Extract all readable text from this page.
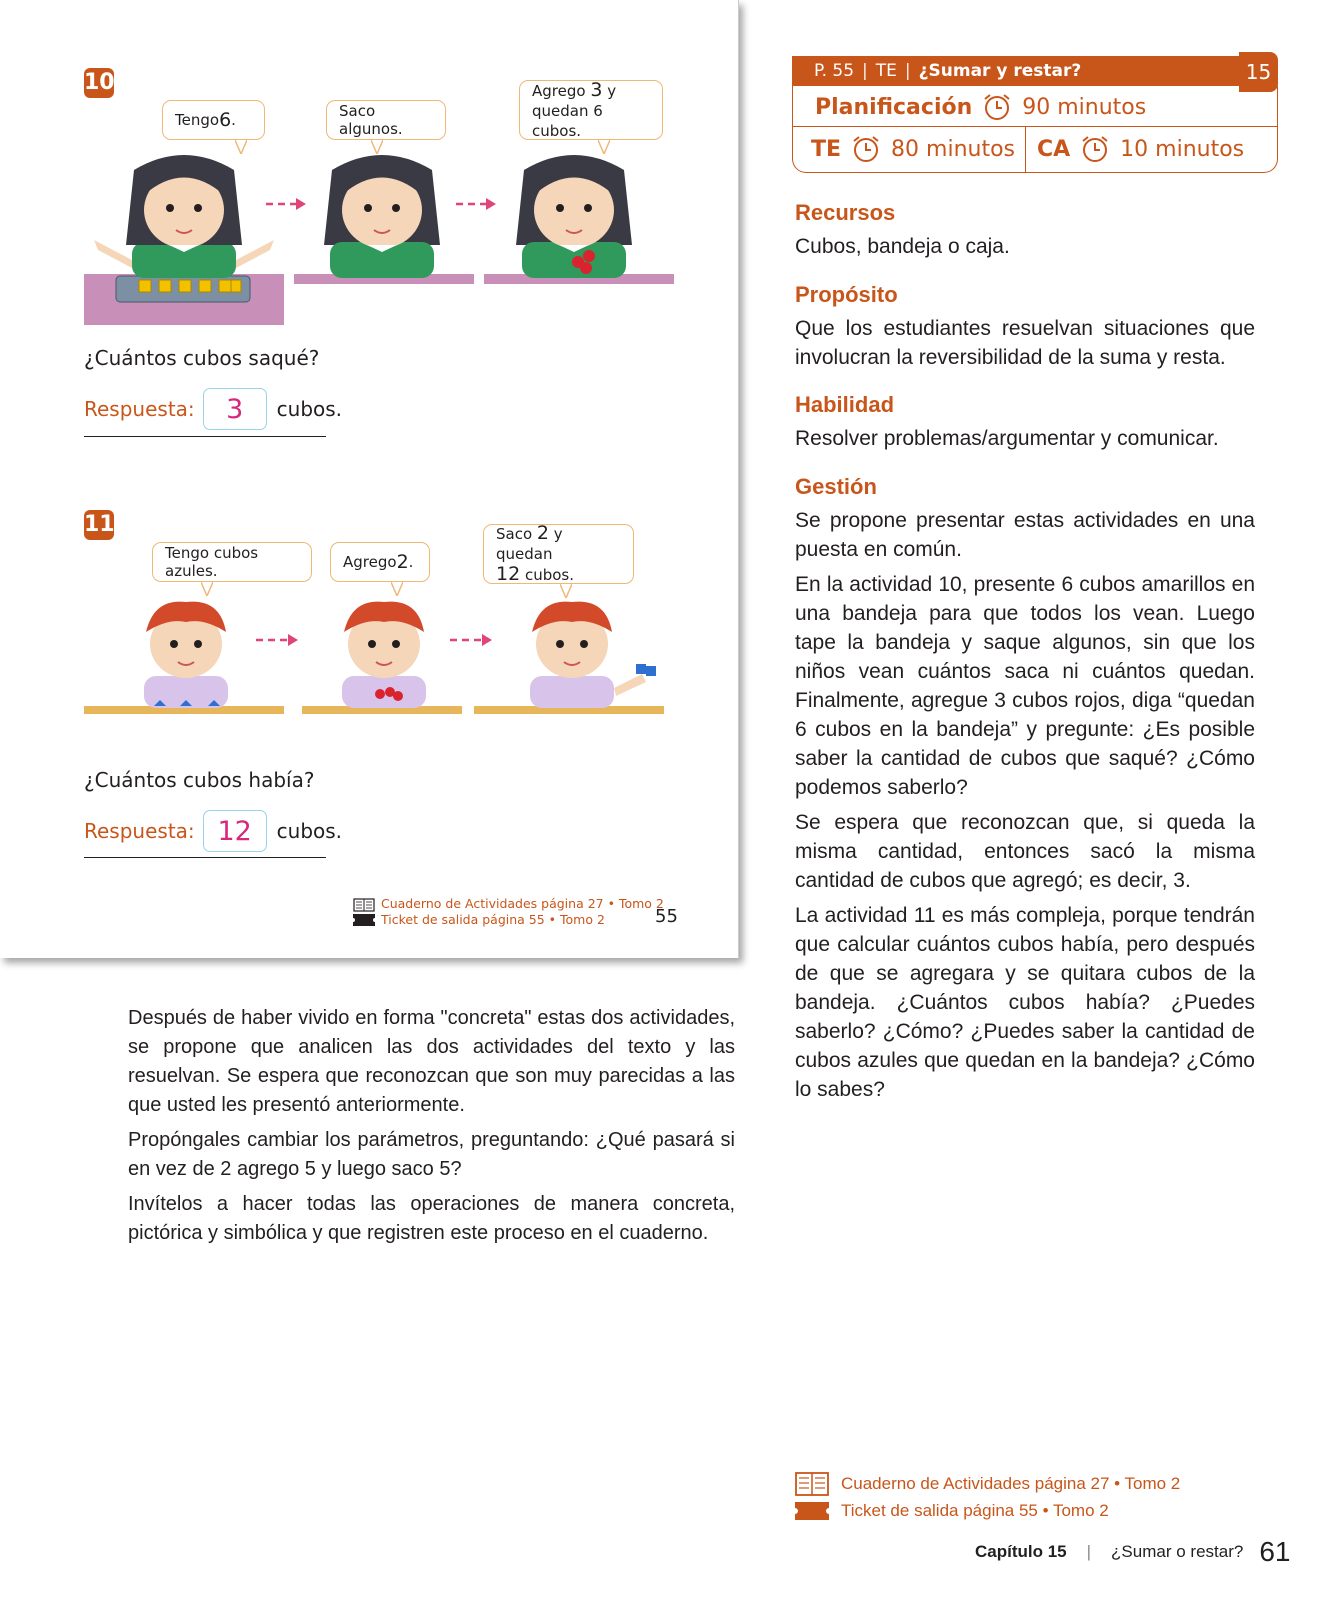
10
Tengo 6 .	Saco algunos.
Agrego 3 y
quedan 6 cubos.
¿Cuántos cubos saqué?
Respuesta:	3	cubos.
11
Tengo cubos azules.	Agrego 2 .
Saco 2 y quedan
12 cubos.
¿Cuántos cubos había?
Respuesta: 12	cubos.
Cuaderno de Actividades página 27 • Tomo 2
Ticket de salida página 55 • Tomo 2	55

Después de haber vivido en forma "concreta" estas dos actividades, se propone que analicen las dos actividades del texto y las resuelvan. Se espera que reconozcan que son muy parecidas a las que usted les presentó anteriormente.

Propóngales cambiar los parámetros, preguntando: ¿Qué pasará si en vez de 2 agrego 5 y luego saco 5?

Invítelos a hacer todas las operaciones de manera concreta, pictórica y simbólica y que registren este proceso en el cuaderno.

P. 55 | TE | ¿Sumar y restar?	15
Planificación 90 minutos
TE 80 minutos CA 10 minutos
Recursos

Cubos, bandeja o caja.

Propósito

Que los estudiantes resuelvan situaciones que involucran la reversibilidad de la suma y resta.

Habilidad

Resolver problemas/argumentar y comunicar.

Gestión

Se propone presentar estas actividades en una puesta en común.

En la actividad 10, presente 6 cubos amarillos en una bandeja para que todos los vean. Luego tape la bandeja y saque algunos, sin que los niños vean cuántos saca ni cuántos quedan. Finalmente, agregue 3 cubos rojos, diga “quedan 6 cubos en la bandeja” y pregunte: ¿Es posible saber la cantidad de cubos que saqué? ¿Cómo podemos saberlo?

Se espera que reconozcan que, si queda la misma cantidad, entonces sacó la misma cantidad de cubos que agregó; es decir, 3.

La actividad 11 es más compleja, porque tendrán que calcular cuántos cubos había, pero después de que se agregara y se quitara cubos de la bandeja. ¿Cuántos cubos había? ¿Puedes saberlo? ¿Cómo? ¿Puedes saber la cantidad de cubos azules que quedan en la bandeja? ¿Cómo lo sabes?

Cuaderno de Actividades página 27 • Tomo 2
Ticket de salida página 55 • Tomo 2
Capítulo 15 | ¿Sumar o restar? 61
